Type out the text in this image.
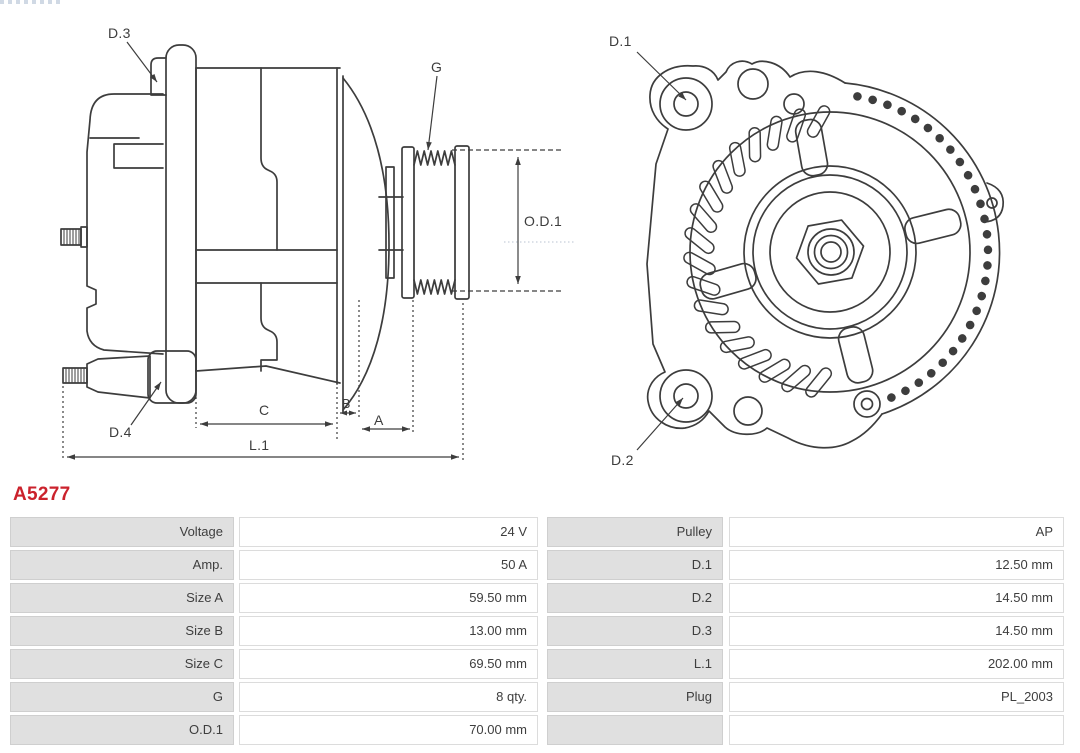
D.3
G
O.D.1
D.4
C	B
A
L.1
D.1
D.2
A5277
Voltage	24 V	Pulley	AP
Amp.	50 A	D.1	12.50 mm
Size A	59.50 mm	D.2	14.50 mm
Size B	13.00 mm	D.3	14.50 mm
Size C	69.50 mm	L.1	202.00 mm
G	8 qty.	Plug	PL_2003
O.D.1	70.00 mm
